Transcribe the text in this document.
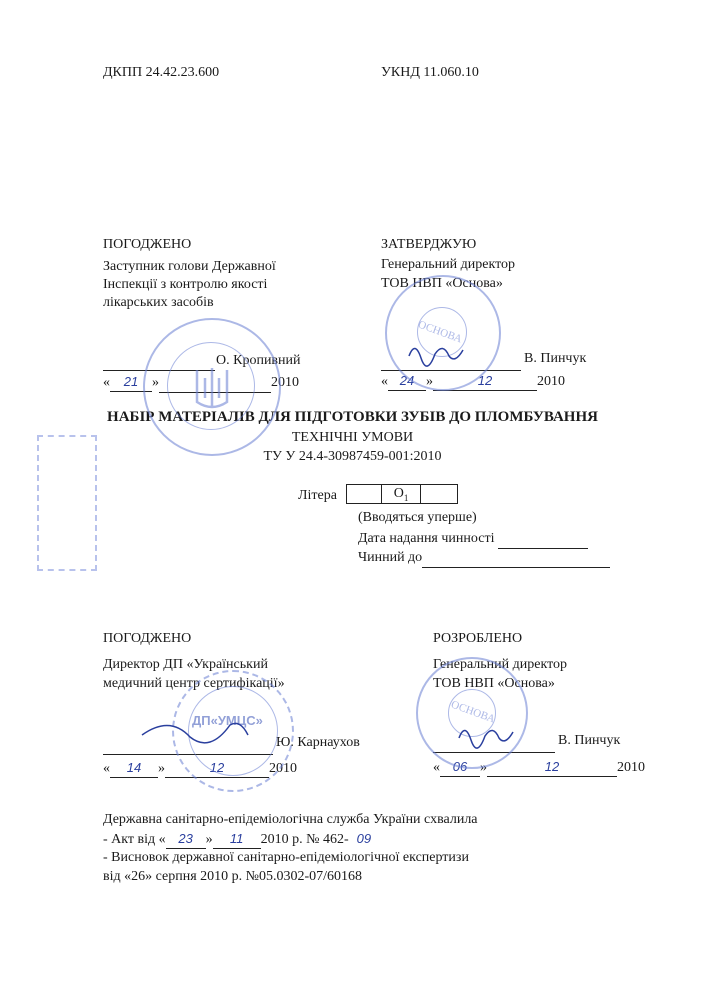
ДКПП 24.42.23.600	УКНД 11.060.10
ПОГОДЖЕНО
Заступник голови Державної
Інспекції з контролю якості
лікарських засобів

О. Кропивний
« 21 »	2010
ЗАТВЕРДЖУЮ
Генеральний директор
ТОВ НВП «Основа»

В. Пинчук
« 24 »	12	2010
НАБІР МАТЕРІАЛІВ ДЛЯ ПІДГОТОВКИ ЗУБІВ ДО ПЛОМБУВАННЯ
ТЕХНІЧНІ УМОВИ
ТУ У 24.4-30987459-001:2010
Літера	$О_1$
(Вводяться уперше)
Дата надання чинності
Чинний до
ПОГОДЖЕНО
Директор ДП «Український
медичний центр сертифікації»

Ю. Карнаухов
« 14 »	12	2010
РОЗРОБЛЕНО
Генеральний директор
ТОВ НВП «Основа»

В. Пинчук
« 06 »	12	2010
Державна санітарно-епідеміологічна служба України схвалила
- Акт від « 23 » 11 2010 р. № 462- 09
- Висновок державної санітарно-епідеміологічної експертизи
від «26» серпня 2010 р. №05.0302-07/60168
ОСНОВА
ОСНОВА
ДП«УМЦС»
